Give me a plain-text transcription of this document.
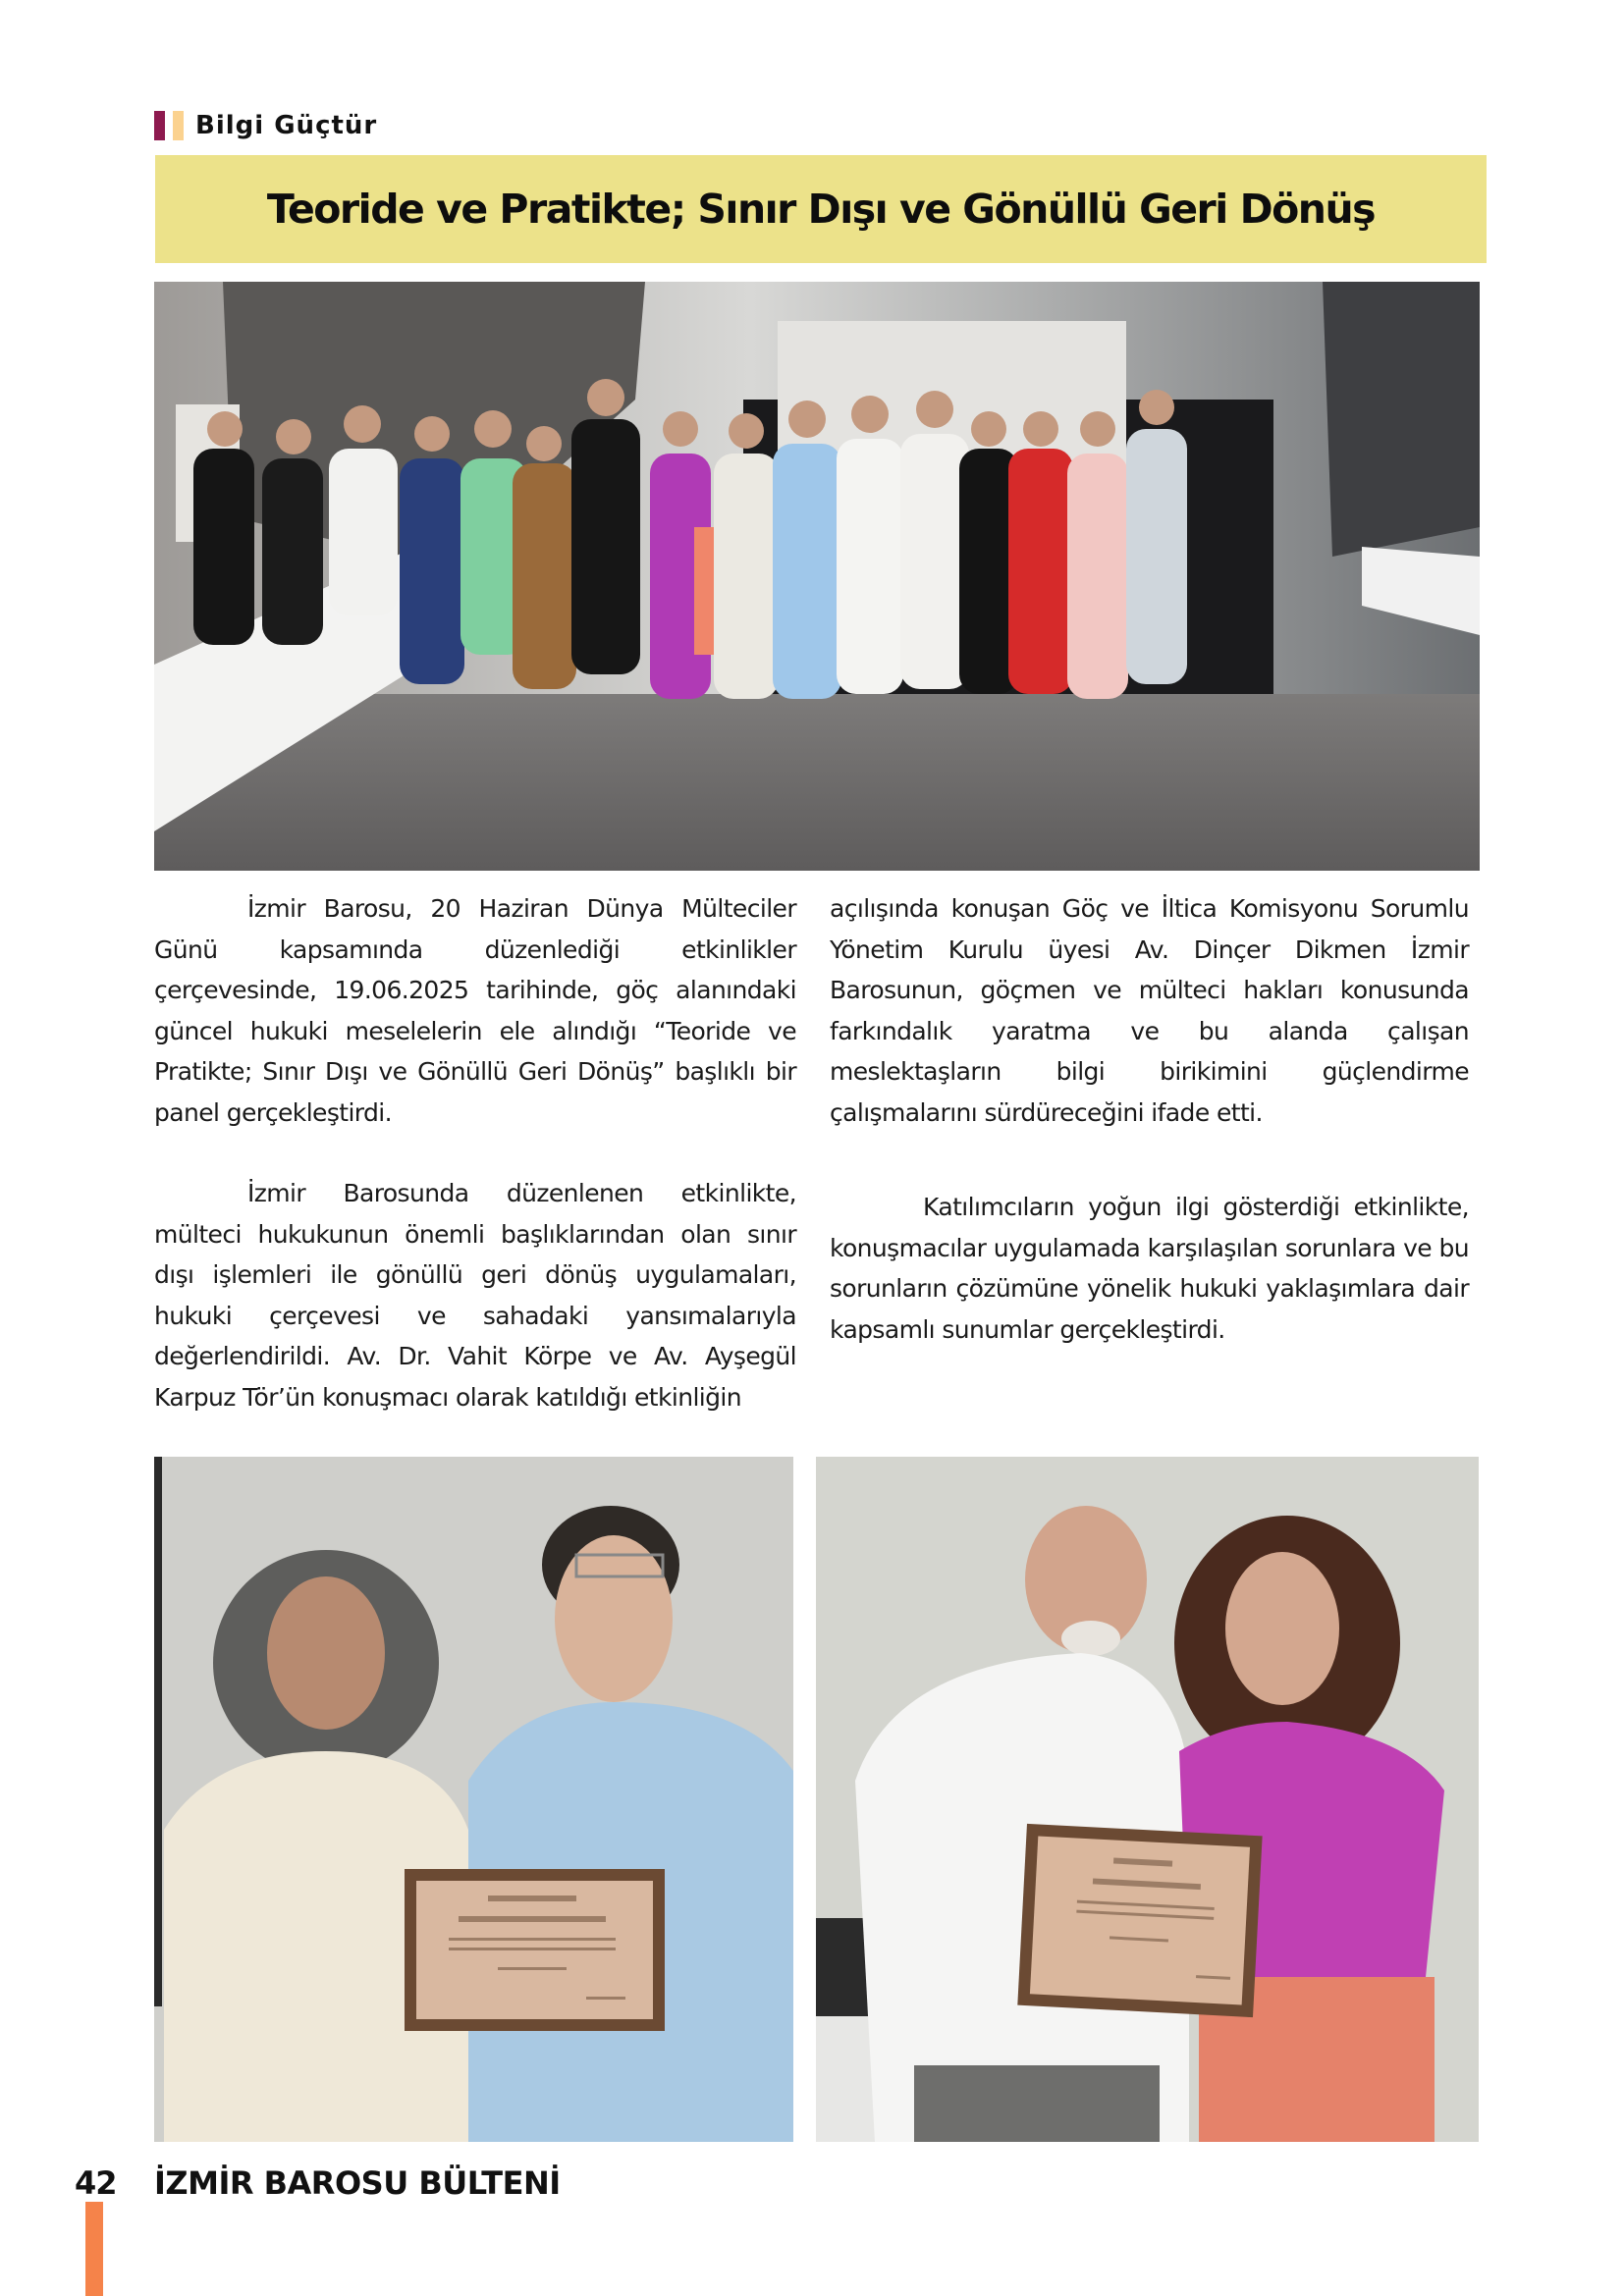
Bilgi Güçtür
Teoride ve Pratikte; Sınır Dışı ve Gönüllü Geri Dönüş

İzmir Barosu, 20 Haziran Dünya Mülteciler Günü kapsamında düzenlediği etkinlikler çerçevesinde, 19.06.2025 tarihinde, göç alanındaki güncel hukuki meselelerin ele alındığı “Teoride ve Pratikte; Sınır Dışı ve Gönüllü Geri Dönüş” başlıklı bir panel gerçekleştirdi.

İzmir Barosunda düzenlenen etkinlikte, mülteci hukukunun önemli başlıklarından olan sınır dışı işlemleri ile gönüllü geri dönüş uygulamaları, hukuki çerçevesi ve sahadaki yansımalarıyla değerlendirildi. Av. Dr. Vahit Körpe ve Av. Ayşegül Karpuz Tör’ün konuşmacı olarak katıldığı etkinliğin

açılışında konuşan Göç ve İltica Komisyonu Sorumlu Yönetim Kurulu üyesi Av. Dinçer Dikmen İzmir Barosunun, göçmen ve mülteci hakları konusunda farkındalık yaratma ve bu alanda çalışan meslektaşların bilgi birikimini güçlendirme çalışmalarını sürdüreceğini ifade etti.

Katılımcıların yoğun ilgi gösterdiği etkinlikte, konuşmacılar uygulamada karşılaşılan sorunlara ve bu sorunların çözümüne yönelik hukuki yaklaşımlara dair kapsamlı sunumlar gerçekleştirdi.

42 İZMİR BAROSU BÜLTENİ
